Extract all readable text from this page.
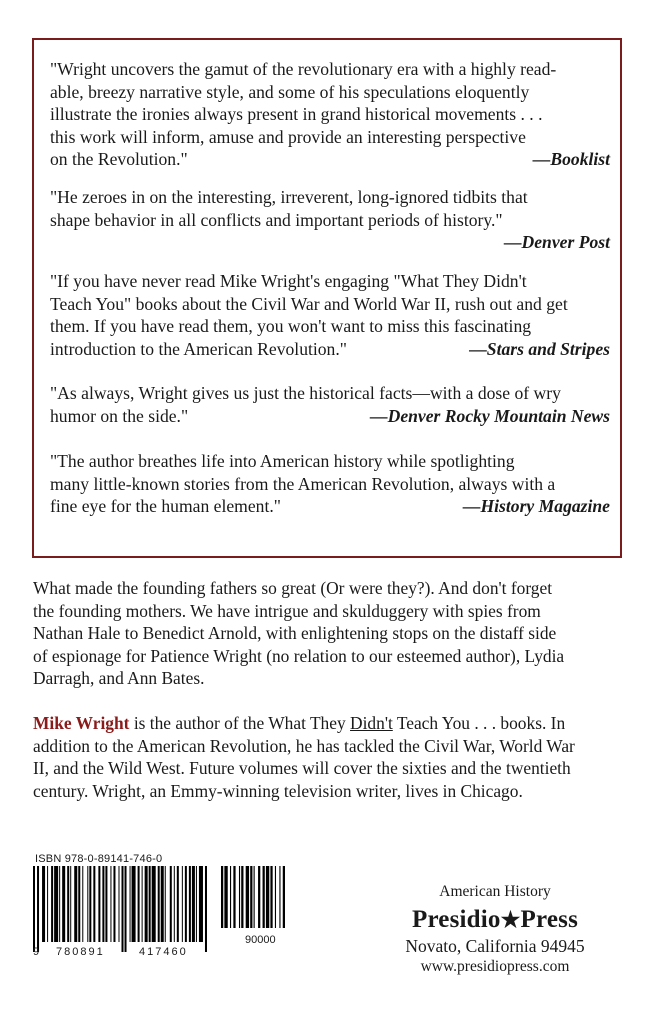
"Wright uncovers the gamut of the revolutionary era with a highly read-

able, breezy narrative style, and some of his speculations eloquently

illustrate the ironies always present in grand historical movements . . .

this work will inform, amuse and provide an interesting perspective

on the Revolution."	—Booklist

"He zeroes in on the interesting, irreverent, long-ignored tidbits that

shape behavior in all conflicts and important periods of history."

—Denver Post

"If you have never read Mike Wright's engaging "What They Didn't

Teach You" books about the Civil War and World War II, rush out and get

them. If you have read them, you won't want to miss this fascinating

introduction to the American Revolution."	—Stars and Stripes

"As always, Wright gives us just the historical facts—with a dose of wry

humor on the side."	—Denver Rocky Mountain News

"The author breathes life into American history while spotlighting

many little-known stories from the American Revolution, always with a

fine eye for the human element."	—History Magazine

What made the founding fathers so great (Or were they?). And don't forget
the founding mothers. We have intrigue and skulduggery with spies from
Nathan Hale to Benedict Arnold, with enlightening stops on the distaff side
of espionage for Patience Wright (no relation to our esteemed author), Lydia
Darragh, and Ann Bates.
Mike Wright is the author of the What They Didn't Teach You . . . books. In
addition to the American Revolution, he has tackled the Civil War, World War
II, and the Wild West. Future volumes will cover the sixties and the twentieth
century. Wright, an Emmy-winning television writer, lives in Chicago.
ISBN 978-0-89141-746-0
9 780891	417460
90000

American History

Presidio★Press

Novato, California 94945

www.presidiopress.com
